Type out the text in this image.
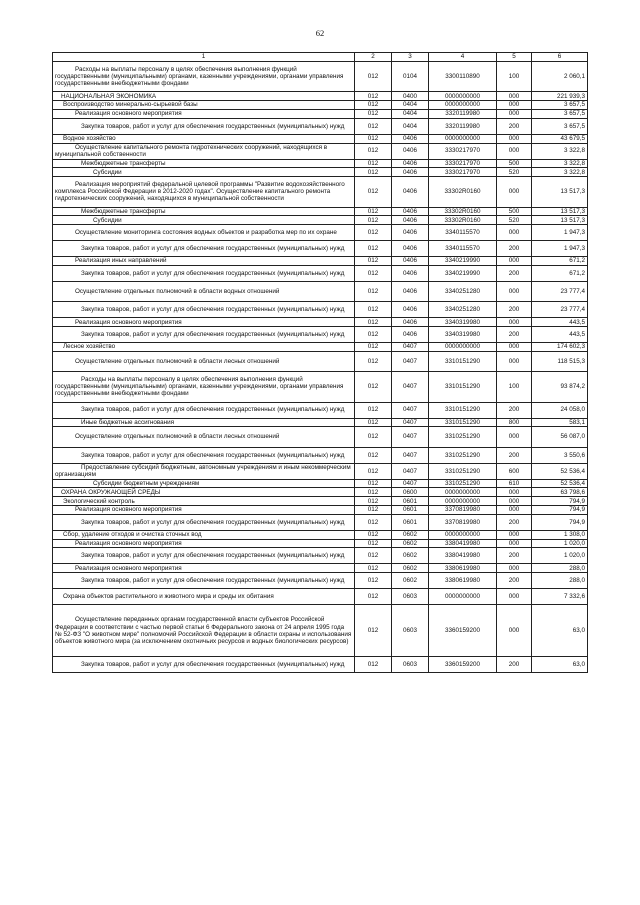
62
1	2	3	4	5	6
Расходы на выплаты персоналу в целях обеспечения выполнения функций государственными (муниципальными) органами, казенными учреждениями, органами управления государственными внебюджетными фондами	012	0104	3300110890	100	2 060,1
НАЦИОНАЛЬНАЯ ЭКОНОМИКА	012	0400	0000000000	000	221 939,3
Воспроизводство минерально-сырьевой базы	012	0404	0000000000	000	3 657,5
Реализация основного мероприятия	012	0404	3320119980	000	3 657,5
Закупка товаров, работ и услуг для обеспечения государственных (муниципальных) нужд	012	0404	3320119980	200	3 657,5
Водное хозяйство	012	0406	0000000000	000	43 679,5
Осуществление капитального ремонта гидротехнических сооружений, находящихся в муниципальной собственности	012	0406	3330217970	000	3 322,8
Межбюджетные трансферты	012	0406	3330217970	500	3 322,8
Субсидии	012	0406	3330217970	520	3 322,8
Реализация мероприятий федеральной целевой программы "Развитие водохозяйственного комплекса Российской Федерации в 2012-2020 годах". Осуществление капитального ремонта гидротехнических сооружений, находящихся в муниципальной собственности	012	0406	33302R0160	000	13 517,3
Межбюджетные трансферты	012	0406	33302R0160	500	13 517,3
Субсидии	012	0406	33302R0160	520	13 517,3
Осуществление мониторинга состояния водных объектов и разработка мер по их охране	012	0406	3340115570	000	1 947,3
Закупка товаров, работ и услуг для обеспечения государственных (муниципальных) нужд	012	0406	3340115570	200	1 947,3
Реализация иных направлений	012	0406	3340219990	000	671,2
Закупка товаров, работ и услуг для обеспечения государственных (муниципальных) нужд	012	0406	3340219990	200	671,2
Осуществление отдельных полномочий в области водных отношений	012	0406	3340251280	000	23 777,4
Закупка товаров, работ и услуг для обеспечения государственных (муниципальных) нужд	012	0406	3340251280	200	23 777,4
Реализация основного мероприятия	012	0406	3340319980	000	443,5
Закупка товаров, работ и услуг для обеспечения государственных (муниципальных) нужд	012	0406	3340319980	200	443,5
Лесное хозяйство	012	0407	0000000000	000	174 602,3
Осуществление отдельных полномочий в области лесных отношений	012	0407	3310151290	000	118 515,3
Расходы на выплаты персоналу в целях обеспечения выполнения функций государственными (муниципальными) органами, казенными учреждениями, органами управления государственными внебюджетными фондами	012	0407	3310151290	100	93 874,2
Закупка товаров, работ и услуг для обеспечения государственных (муниципальных) нужд	012	0407	3310151290	200	24 058,0
Иные бюджетные ассигнования	012	0407	3310151290	800	583,1
Осуществление отдельных полномочий в области лесных отношений	012	0407	3310251290	000	56 087,0
Закупка товаров, работ и услуг для обеспечения государственных (муниципальных) нужд	012	0407	3310251290	200	3 550,6
Предоставление субсидий бюджетным, автономным учреждениям и иным некоммерческим организациям	012	0407	3310251290	600	52 536,4
Субсидии бюджетным учреждениям	012	0407	3310251290	610	52 536,4
ОХРАНА ОКРУЖАЮЩЕЙ СРЕДЫ	012	0600	0000000000	000	63 798,6
Экологический контроль	012	0601	0000000000	000	794,9
Реализация основного мероприятия	012	0601	3370819980	000	794,9
Закупка товаров, работ и услуг для обеспечения государственных (муниципальных) нужд	012	0601	3370819980	200	794,9
Сбор, удаление отходов и очистка сточных вод	012	0602	0000000000	000	1 308,0
Реализация основного мероприятия	012	0602	3380419980	000	1 020,0
Закупка товаров, работ и услуг для обеспечения государственных (муниципальных) нужд	012	0602	3380419980	200	1 020,0
Реализация основного мероприятия	012	0602	3380619980	000	288,0
Закупка товаров, работ и услуг для обеспечения государственных (муниципальных) нужд	012	0602	3380619980	200	288,0
Охрана объектов растительного и животного мира и среды их обитания	012	0603	0000000000	000	7 332,6
Осуществление переданных органам государственной власти субъектов Российской Федерации в соответствии с частью первой статьи 6 Федерального закона от 24 апреля 1995 года № 52-ФЗ "О животном мире" полномочий Российской Федерации в области охраны и использования объектов животного мира (за исключением охотничьих ресурсов и водных биологических ресурсов)	012	0603	3360159200	000	63,0
Закупка товаров, работ и услуг для обеспечения государственных (муниципальных) нужд	012	0603	3360159200	200	63,0
